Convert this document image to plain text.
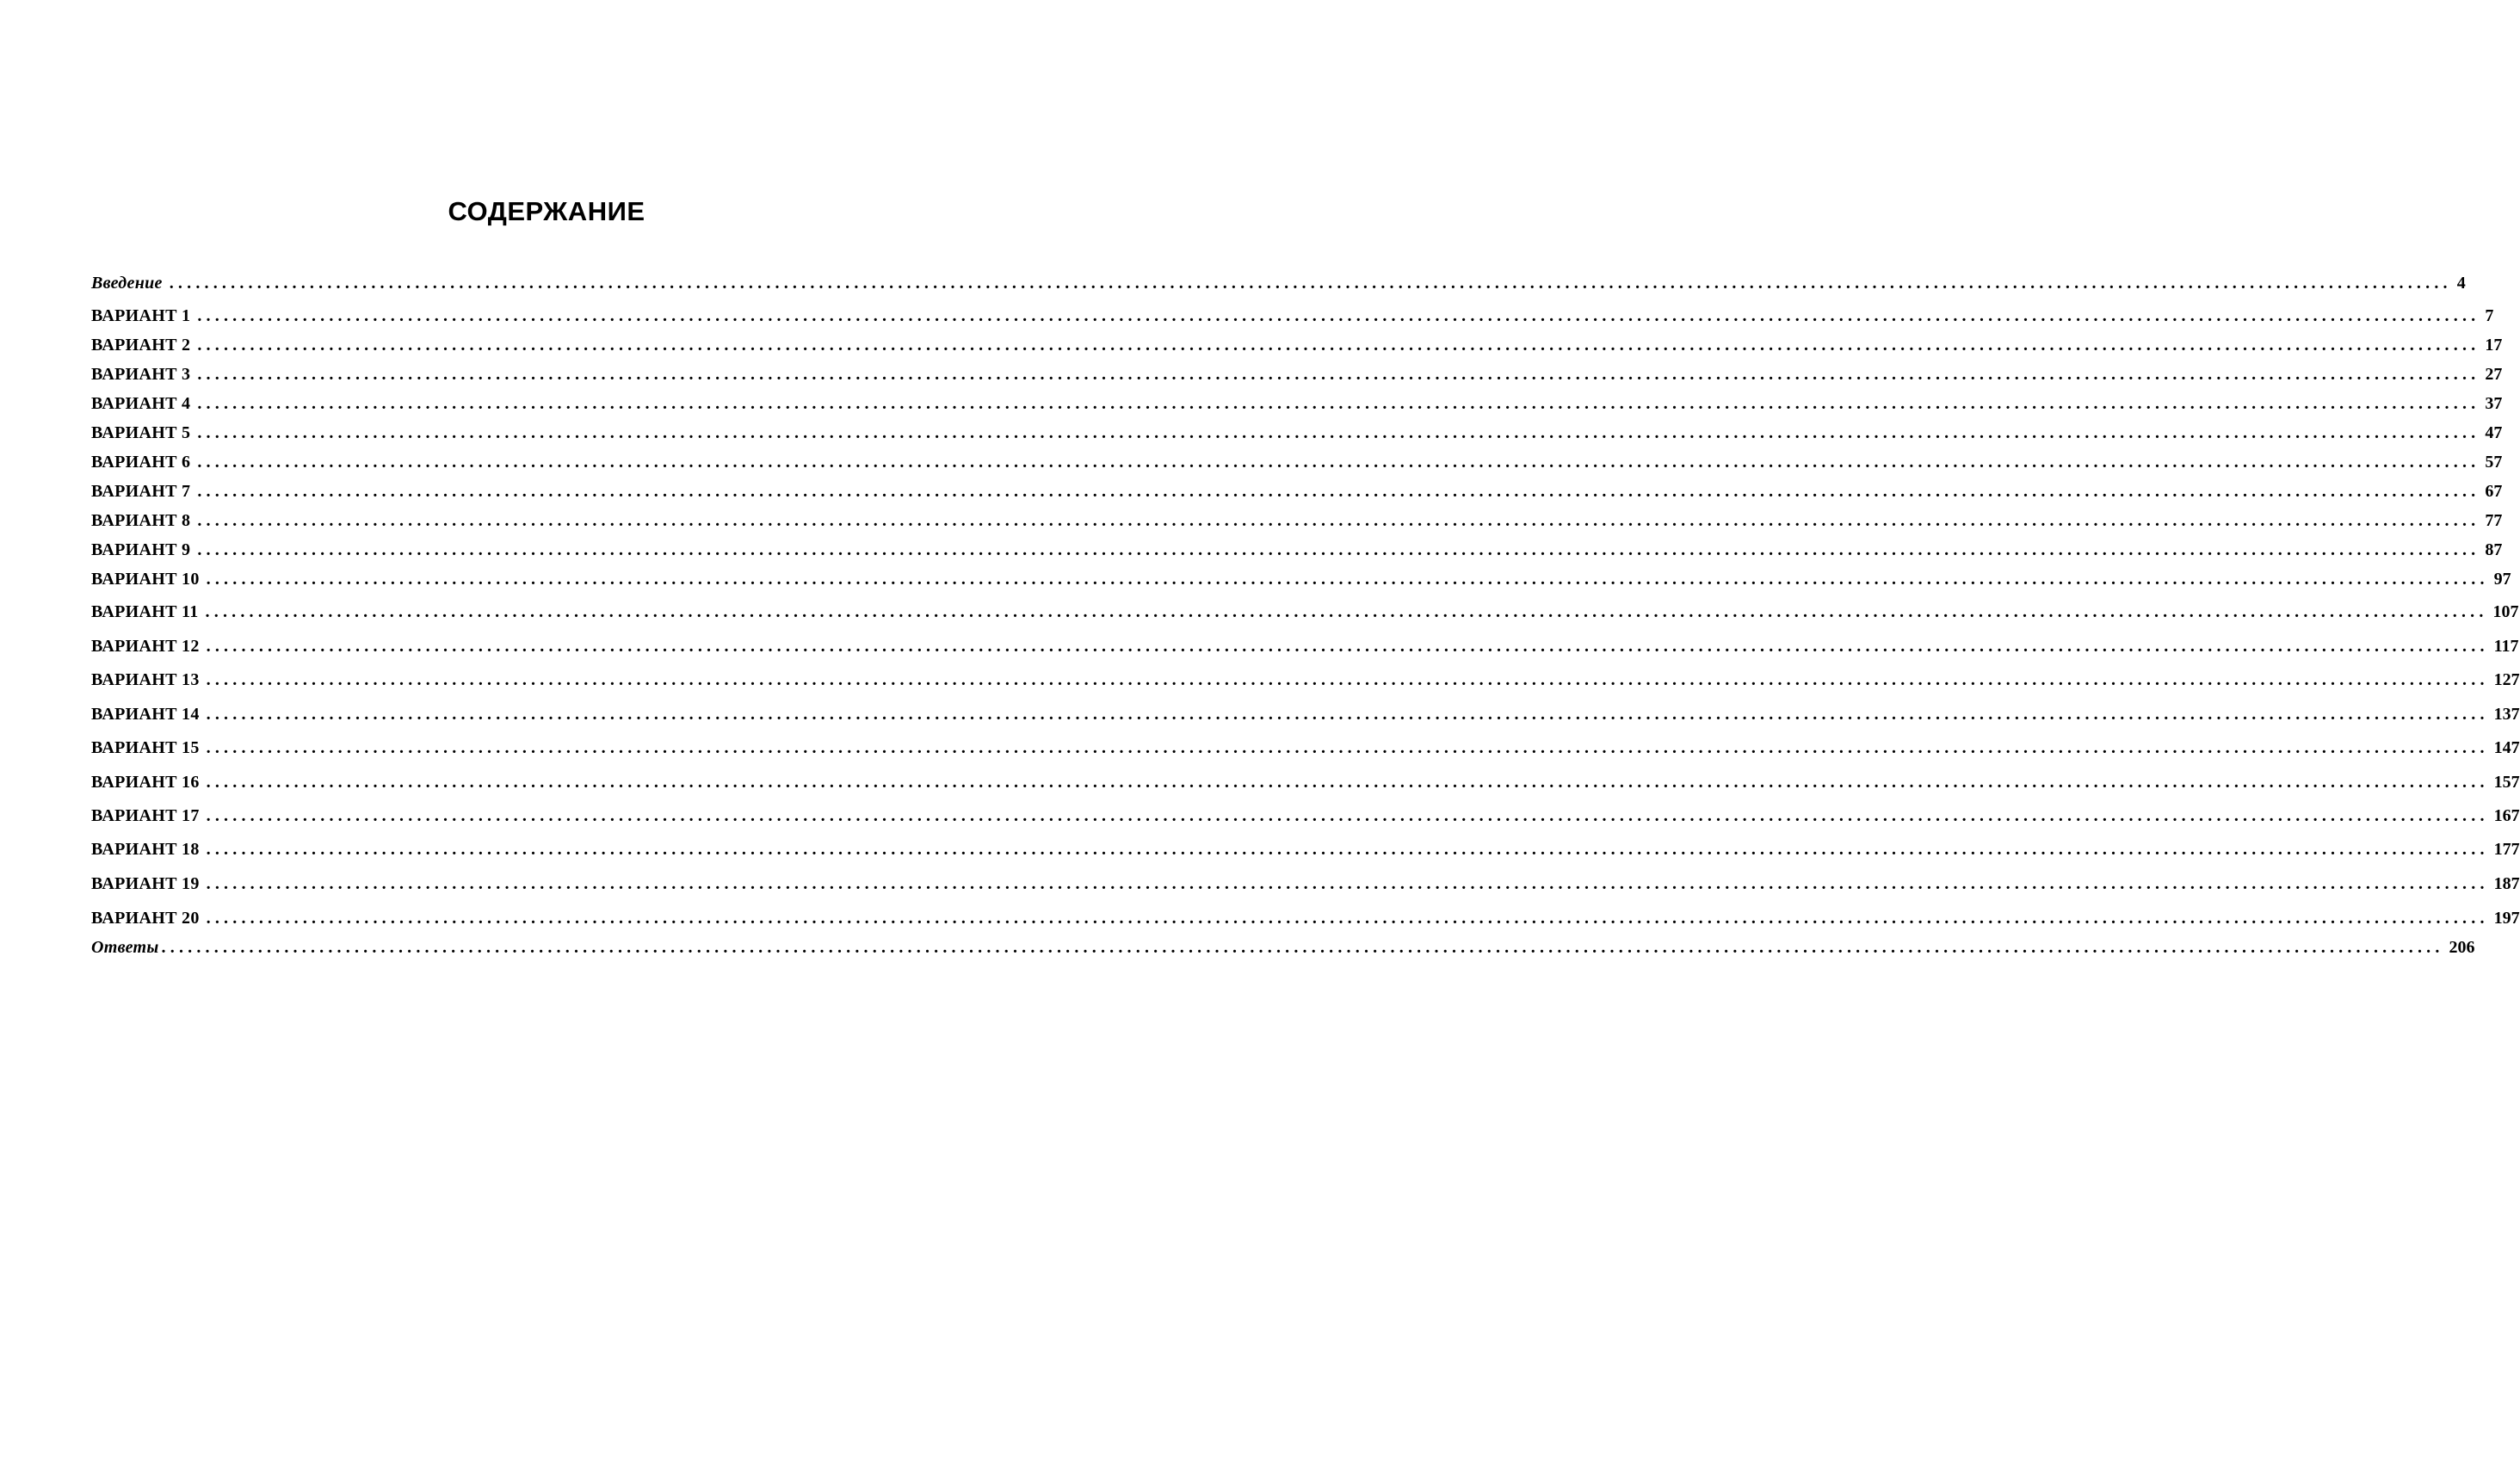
СОДЕРЖАНИЕ
Введение .................................................................................................................................................................................................................................................................... 4
ВАРИАНТ 1 .................................................................................................................................................................................................................................................................... 7
ВАРИАНТ 2 .................................................................................................................................................................................................................................................................... 17
ВАРИАНТ 3 .................................................................................................................................................................................................................................................................... 27
ВАРИАНТ 4 .................................................................................................................................................................................................................................................................... 37
ВАРИАНТ 5 .................................................................................................................................................................................................................................................................... 47
ВАРИАНТ 6 .................................................................................................................................................................................................................................................................... 57
ВАРИАНТ 7 .................................................................................................................................................................................................................................................................... 67
ВАРИАНТ 8 .................................................................................................................................................................................................................................................................... 77
ВАРИАНТ 9 .................................................................................................................................................................................................................................................................... 87
ВАРИАНТ 10 .................................................................................................................................................................................................................................................................... 97
ВАРИАНТ 11 .................................................................................................................................................................................................................................................................... 107
ВАРИАНТ 12 .................................................................................................................................................................................................................................................................... 117
ВАРИАНТ 13 .................................................................................................................................................................................................................................................................... 127
ВАРИАНТ 14 .................................................................................................................................................................................................................................................................... 137
ВАРИАНТ 15 .................................................................................................................................................................................................................................................................... 147
ВАРИАНТ 16 .................................................................................................................................................................................................................................................................... 157
ВАРИАНТ 17 .................................................................................................................................................................................................................................................................... 167
ВАРИАНТ 18 .................................................................................................................................................................................................................................................................... 177
ВАРИАНТ 19 .................................................................................................................................................................................................................................................................... 187
ВАРИАНТ 20 .................................................................................................................................................................................................................................................................... 197
Ответы .................................................................................................................................................................................................................................................................... 206
